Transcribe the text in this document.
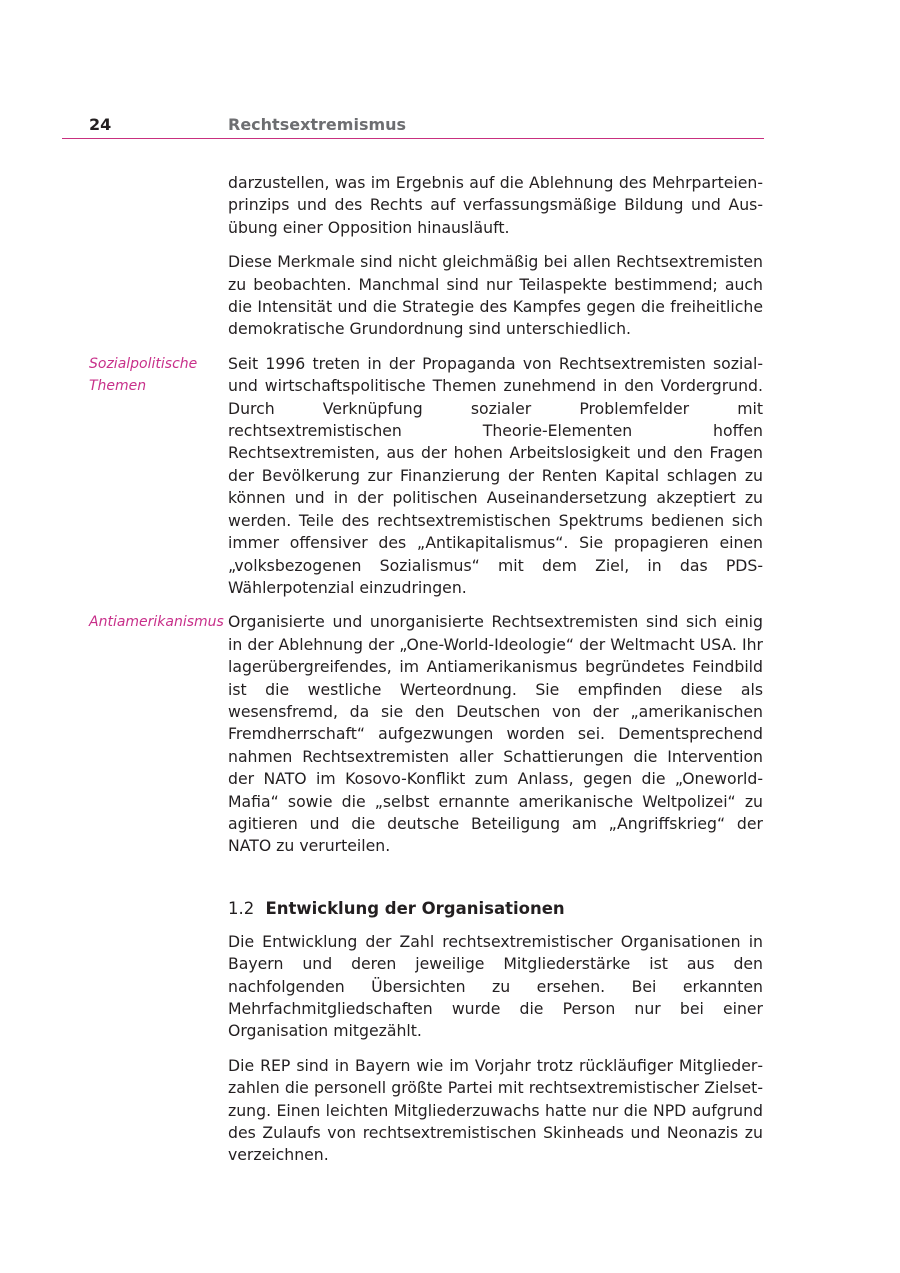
24	Rechtsextremismus

darzustellen, was im Ergebnis auf die Ablehnung des Mehrparteienprinzips und des Rechts auf verfassungsmäßige Bildung und Ausübung einer Opposition hinausläuft.

Diese Merkmale sind nicht gleichmäßig bei allen Rechtsextremisten zu beobachten. Manchmal sind nur Teilaspekte bestimmend; auch die Intensität und die Strategie des Kampfes gegen die freiheitliche demokratische Grundordnung sind unterschiedlich.

Sozialpolitische Themen
Seit 1996 treten in der Propaganda von Rechtsextremisten sozial- und wirtschaftspolitische Themen zunehmend in den Vordergrund. Durch Verknüpfung sozialer Problemfelder mit rechtsextremistischen Theorie-Elementen hoffen Rechtsextremisten, aus der hohen Arbeitslosigkeit und den Fragen der Bevölkerung zur Finanzierung der Renten Kapital schlagen zu können und in der politischen Auseinandersetzung akzeptiert zu werden. Teile des rechtsextremistischen Spektrums bedienen sich immer offensiver des „Antikapitalismus“. Sie propagieren einen „volksbezogenen Sozialismus“ mit dem Ziel, in das PDS-Wählerpotenzial einzudringen.
Antiamerikanismus Organisierte und unorganisierte Rechtsextremisten sind sich einig in der Ablehnung der „One-World-Ideologie“ der Weltmacht USA. Ihr lagerübergreifendes, im Antiamerikanismus begründetes Feindbild ist die westliche Werteordnung. Sie empfinden diese als wesensfremd, da sie den Deutschen von der „amerikanischen Fremdherrschaft“ aufgezwungen worden sei. Dementsprechend nahmen Rechtsextremisten aller Schattierungen die Intervention der NATO im Kosovo-Konflikt zum Anlass, gegen die „Oneworld-Mafia“ sowie die „selbst ernannte amerikanische Weltpolizei“ zu agitieren und die deutsche Beteiligung am „Angriffskrieg“ der NATO zu verurteilen.
1.2 Entwicklung der Organisationen

Die Entwicklung der Zahl rechtsextremistischer Organisationen in Bayern und deren jeweilige Mitgliederstärke ist aus den nachfolgenden Übersichten zu ersehen. Bei erkannten Mehrfachmitgliedschaften wurde die Person nur bei einer Organisation mitgezählt.

Die REP sind in Bayern wie im Vorjahr trotz rückläufiger Mitgliederzahlen die personell größte Partei mit rechtsextremistischer Zielsetzung. Einen leichten Mitgliederzuwachs hatte nur die NPD aufgrund des Zulaufs von rechtsextremistischen Skinheads und Neonazis zu verzeichnen.
